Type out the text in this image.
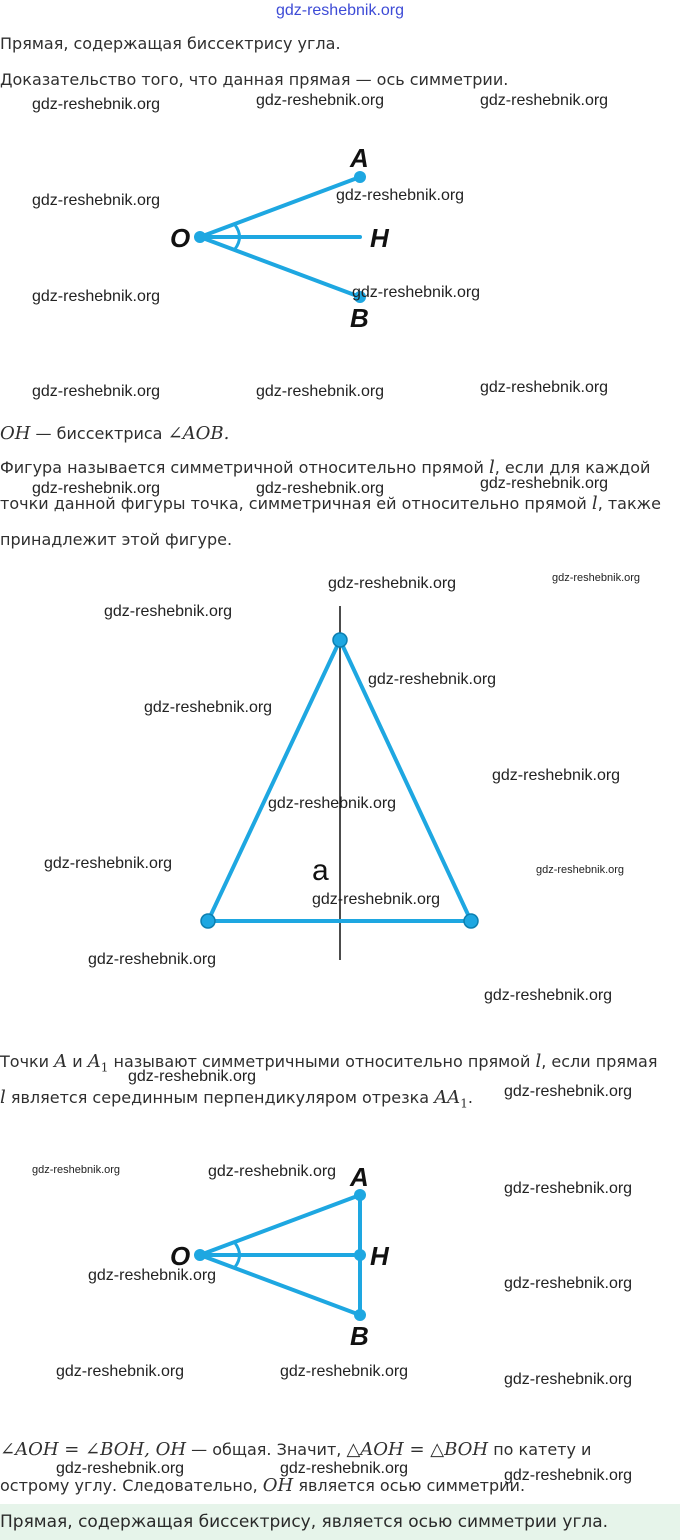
gdz-reshebnik.org
Прямая, содержащая биссектрису угла.
Доказательство того, что данная прямая — ось симметрии.
A
O	H
B
OH — биссектриса ∠AOB.
Фигура называется симметричной относительно прямой l, если для каждой
точки данной фигуры точка, симметричная ей относительно прямой l, также
принадлежит этой фигуре.
a
Точки A и $A_1$ называют симметричными относительно прямой l, если прямая
l является серединным перпендикуляром отрезка $AA_1$.
A
O	H
B
∠AOH = ∠BOH, OH — общая. Значит, △AOH = △BOH по катету и
острому углу. Следовательно, OH является осью симметрии.
Прямая, содержащая биссектрису, является осью симметрии угла.
gdz-reshebnik.org	gdz-reshebnik.org	gdz-reshebnik.org
gdz-reshebnik.org	gdz-reshebnik.org
gdz-reshebnik.org	gdz-reshebnik.org
gdz-reshebnik.org	gdz-reshebnik.org	gdz-reshebnik.org
gdz-reshebnik.org	gdz-reshebnik.org	gdz-reshebnik.org
gdz-reshebnik.org	gdz-reshebnik.org
gdz-reshebnik.org
gdz-reshebnik.org
gdz-reshebnik.org
gdz-reshebnik.org
gdz-reshebnik.org
gdz-reshebnik.org	gdz-reshebnik.org
gdz-reshebnik.org
gdz-reshebnik.org
gdz-reshebnik.org
gdz-reshebnik.org
gdz-reshebnik.org
gdz-reshebnik.org	gdz-reshebnik.org
gdz-reshebnik.org
gdz-reshebnik.org	gdz-reshebnik.org
gdz-reshebnik.org	gdz-reshebnik.org	gdz-reshebnik.org
gdz-reshebnik.org	gdz-reshebnik.org	gdz-reshebnik.org
